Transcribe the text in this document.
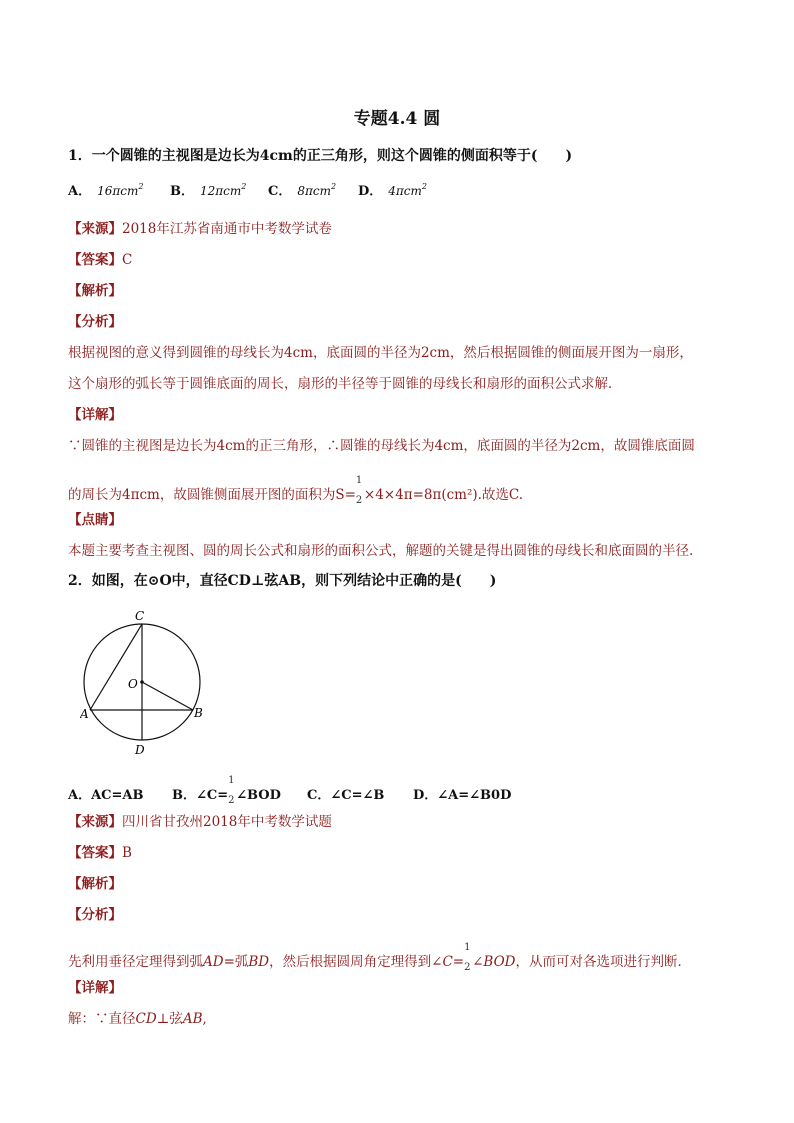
专题4.4 圆
1．一个圆锥的主视图是边长为4cm的正三角形，则这个圆锥的侧面积等于(　　)
A． 16πcm$^2$ B． 12πcm$^2$ C． 8πcm$^2$ D． 4πcm$^2$
【来源】2018年江苏省南通市中考数学试卷
【答案】C
【解析】
【分析】
根据视图的意义得到圆锥的母线长为4cm，底面圆的半径为2cm，然后根据圆锥的侧面展开图为一扇形，
这个扇形的弧长等于圆锥底面的周长，扇形的半径等于圆锥的母线长和扇形的面积公式求解．
【详解】
∵圆锥的主视图是边长为4cm的正三角形，∴圆锥的母线长为4cm，底面圆的半径为2cm，故圆锥底面圆
的周长为4πcm，故圆锥侧面展开图的面积为S=
1
2 ×4×4π=8π(cm²).故选C.
【点睛】
本题主要考查主视图、圆的周长公式和扇形的面积公式，解题的关键是得出圆锥的母线长和底面圆的半径.
2．如图，在⊙O中，直径CD⊥弦AB，则下列结论中正确的是(　　)
C
O
A	B
D
A．AC=AB B．∠C=
1
2 ∠BOD C．∠C=∠B D．∠A=∠B0D
【来源】四川省甘孜州2018年中考数学试题
【答案】B
【解析】
【分析】
先利用垂径定理得到弧AD=弧BD，然后根据圆周角定理得到∠C=
1
2 ∠BOD，从而可对各选项进行判断．
【详解】
解：∵直径CD⊥弦AB,
